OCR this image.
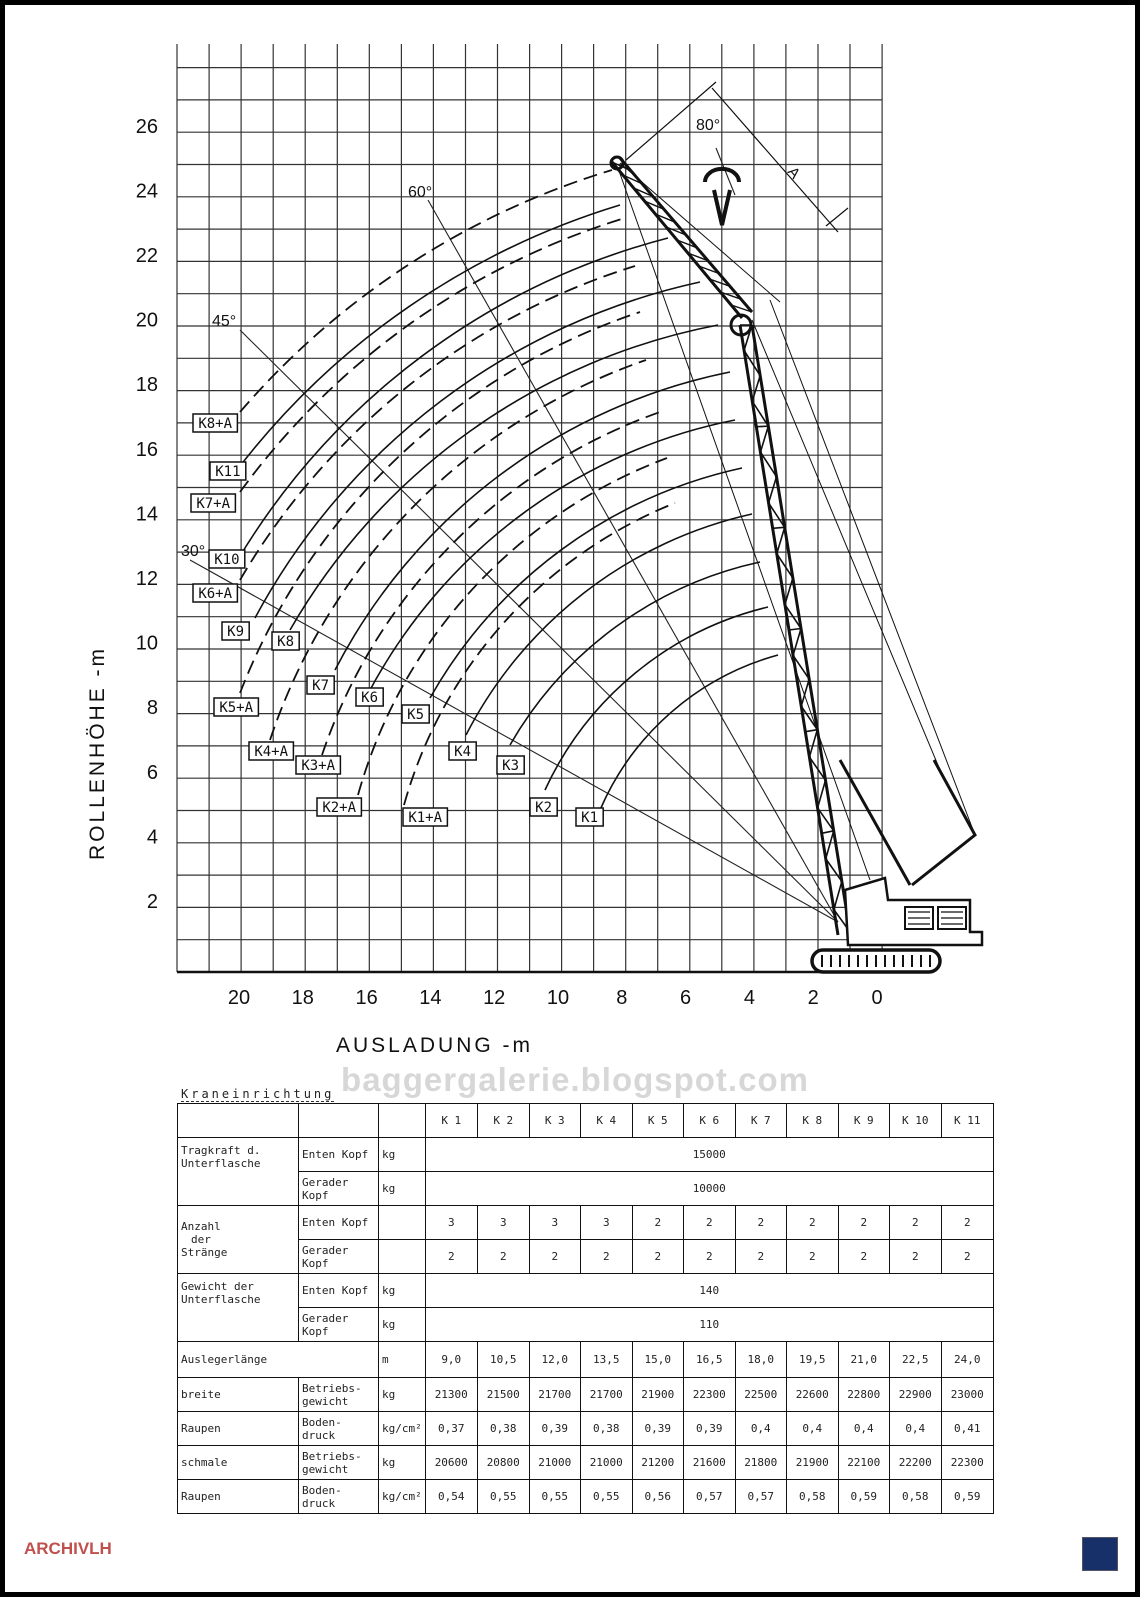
2
4
6
8
10
12
14
16
18
20
22
24
26
20 18 16 14 12 10 8	6	4	2	0
ROLLENHÖHE -m
AUSLADUNG -m
30°
45°
60°
80°
A
K1
K2
K3
K4
K5
K6
K7
K8
K9
K10
K11
K1+A
K2+A
K3+A
K4+A
K5+A
K6+A
K7+A
K8+A
baggergalerie.blogspot.com
Kraneinrichtung
			K 1	K 2	K 3	K 4	K 5	K 6	K 7	K 8	K 9	K 10	K 11
Tragkraft d. Unterflasche	Enten Kopf	kg	15000										
	Gerader Kopf	kg	10000										

Anzahl
der
Stränge	Enten Kopf		3	3	3	3	2	2	2	2	2	2	2
	Gerader Kopf		2	2	2	2	2	2	2	2	2	2	2
Gewicht der Unterflasche	Enten Kopf	kg	140										
	Gerader Kopf	kg	110										
Auslegerlänge		m	9,0	10,5	12,0	13,5	15,0	16,5	18,0	19,5	21,0	22,5	24,0
breite	Betriebs- gewicht	kg	21300	21500	21700	21700	21900	22300	22500	22600	22800	22900	23000
Raupen	Boden- druck	kg/cm²	0,37	0,38	0,39	0,38	0,39	0,39	0,4	0,4	0,4	0,4	0,41
schmale	Betriebs- gewicht	kg	20600	20800	21000	21000	21200	21600	21800	21900	22100	22200	22300
Raupen	Boden- druck	kg/cm²	0,54	0,55	0,55	0,55	0,56	0,57	0,57	0,58	0,59	0,58	0,59
ARCHIVLH
